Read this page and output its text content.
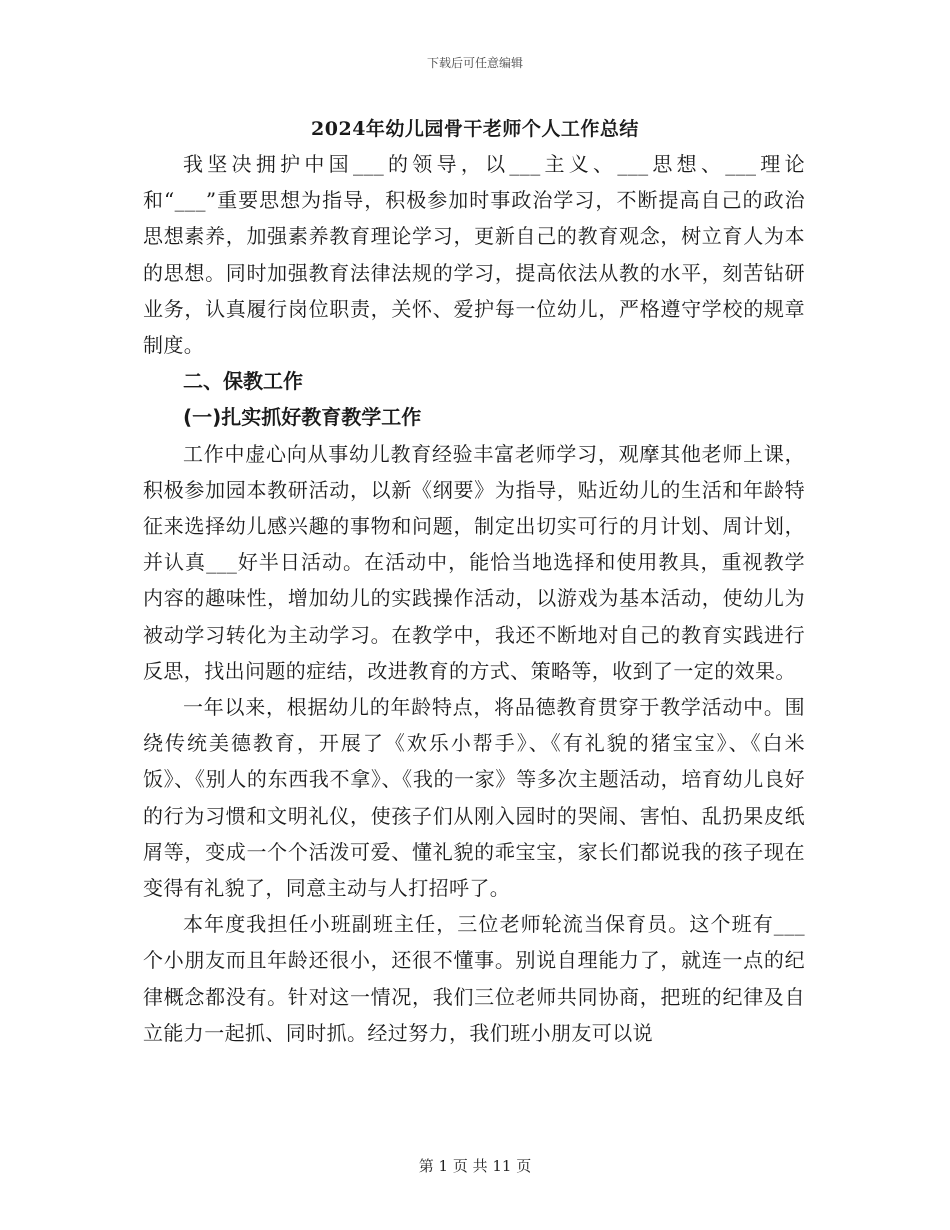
下载后可任意编辑
2024年幼儿园骨干老师个人工作总结

我坚决拥护中国___的领导，以___主义、___思想、___理论和“___”重要思想为指导，积极参加时事政治学习，不断提高自己的政治思想素养，加强素养教育理论学习，更新自己的教育观念，树立育人为本的思想。同时加强教育法律法规的学习，提高依法从教的水平，刻苦钻研业务，认真履行岗位职责，关怀、爱护每一位幼儿，严格遵守学校的规章制度。

二、保教工作

(一)扎实抓好教育教学工作

工作中虚心向从事幼儿教育经验丰富老师学习，观摩其他老师上课，积极参加园本教研活动，以新《纲要》为指导，贴近幼儿的生活和年龄特征来选择幼儿感兴趣的事物和问题，制定出切实可行的月计划、周计划，并认真___好半日活动。在活动中，能恰当地选择和使用教具，重视教学内容的趣味性，增加幼儿的实践操作活动，以游戏为基本活动，使幼儿为被动学习转化为主动学习。在教学中，我还不断地对自己的教育实践进行反思，找出问题的症结，改进教育的方式、策略等，收到了一定的效果。

一年以来，根据幼儿的年龄特点，将品德教育贯穿于教学活动中。围绕传统美德教育，开展了《欢乐小帮手》、《有礼貌的猪宝宝》、《白米饭》、《别人的东西我不拿》、《我的一家》等多次主题活动，培育幼儿良好的行为习惯和文明礼仪，使孩子们从刚入园时的哭闹、害怕、乱扔果皮纸屑等，变成一个个活泼可爱、懂礼貌的乖宝宝，家长们都说我的孩子现在变得有礼貌了，同意主动与人打招呼了。

本年度我担任小班副班主任，三位老师轮流当保育员。这个班有___个小朋友而且年龄还很小，还很不懂事。别说自理能力了，就连一点的纪律概念都没有。针对这一情况，我们三位老师共同协商，把班的纪律及自立能力一起抓、同时抓。经过努力，我们班小朋友可以说

第 1 页 共 11 页
